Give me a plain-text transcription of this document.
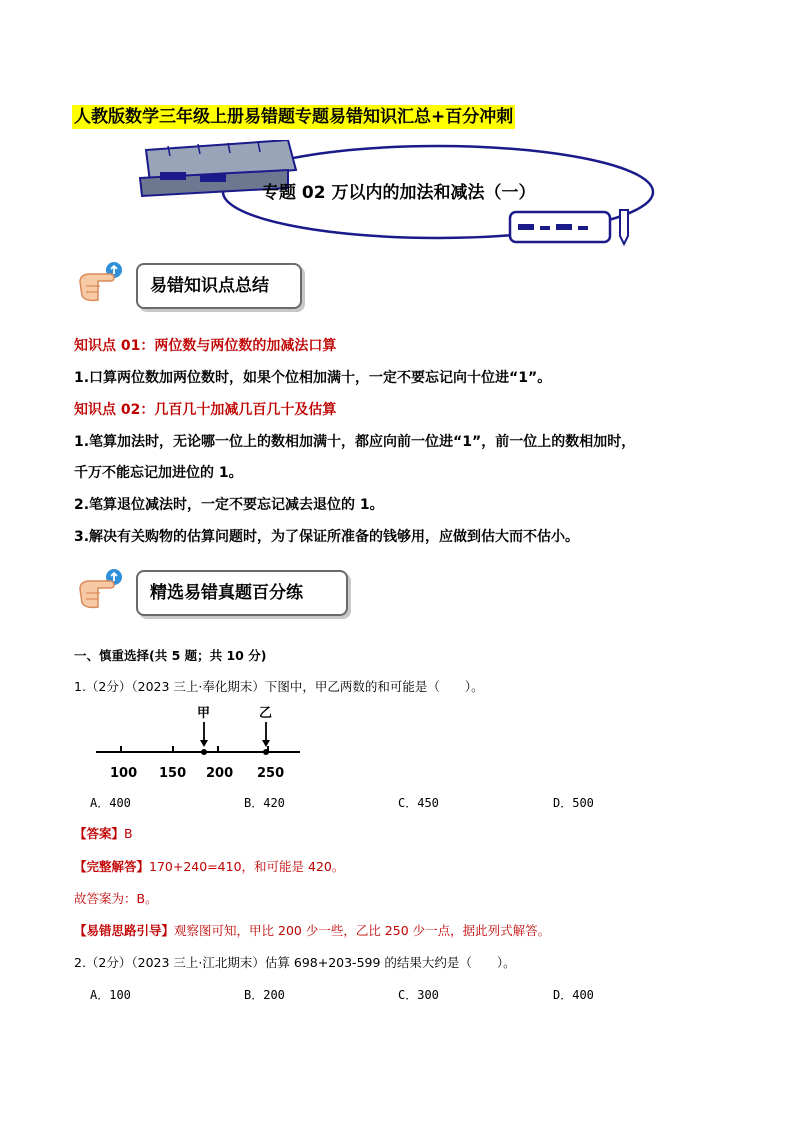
人教版数学三年级上册易错题专题易错知识汇总+百分冲刺
专题 02 万以内的加法和减法（一）
易错知识点总结
知识点 01：两位数与两位数的加减法口算
1.口算两位数加两位数时，如果个位相加满十，一定不要忘记向十位进“1”。
知识点 02：几百几十加减几百几十及估算
1.笔算加法时，无论哪一位上的数相加满十，都应向前一位进“1”，前一位上的数相加时，
千万不能忘记加进位的 1。
2.笔算退位减法时，一定不要忘记减去退位的 1。
3.解决有关购物的估算问题时，为了保证所准备的钱够用，应做到估大而不估小。
精选易错真题百分练
一、慎重选择(共 5 题；共 10 分)
1.（2分）（2023 三上·奉化期末）下图中，甲乙两数的和可能是（　　）。
100 150 200 250
甲	乙
A．400	B．420	C．450	D．500
【答案】B
【完整解答】170+240=410，和可能是 420。
故答案为：B。
【易错思路引导】观察图可知，甲比 200 少一些，乙比 250 少一点，据此列式解答。
2.（2分）（2023 三上·江北期末）估算 698+203-599 的结果大约是（　　）。
A．100	B．200	C．300	D．400
